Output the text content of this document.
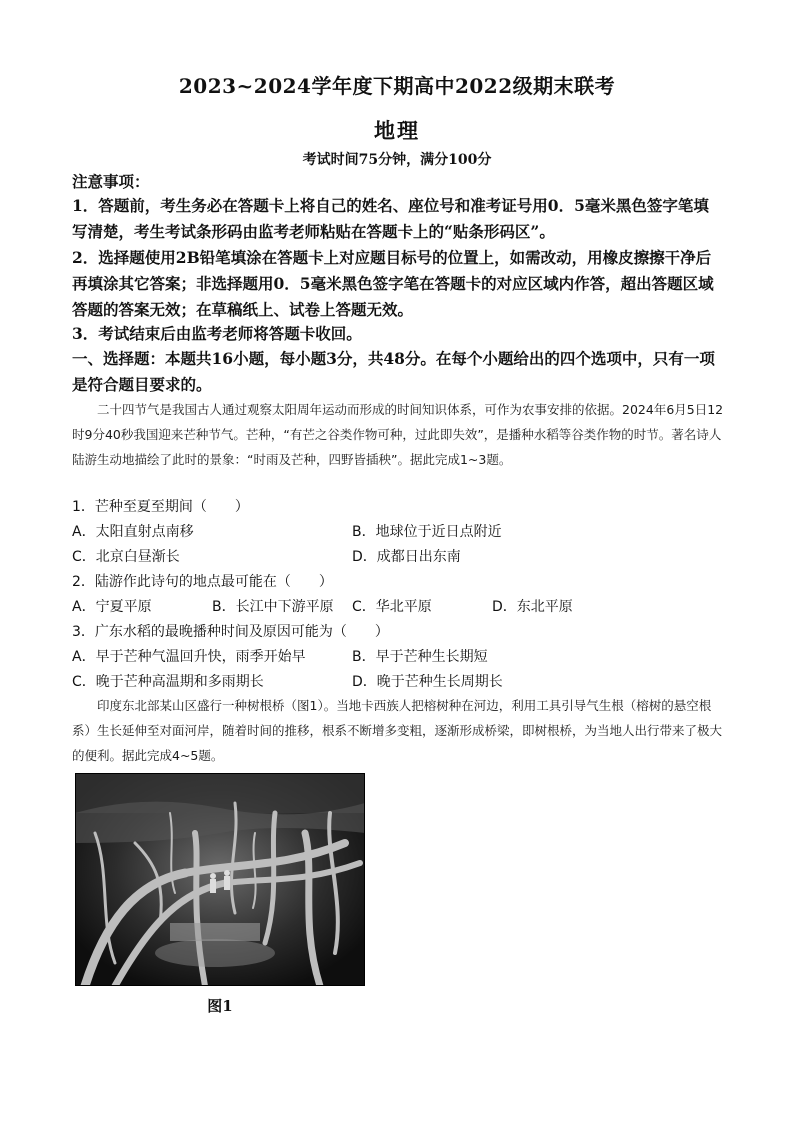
2023~2024学年度下期高中2022级期末联考
地理
考试时间75分钟，满分100分
注意事项：
1．答题前，考生务必在答题卡上将自己的姓名、座位号和准考证号用0．5毫米黑色签字笔填写清楚，考生考试条形码由监考老师粘贴在答题卡上的“贴条形码区”。
2．选择题使用2B铅笔填涂在答题卡上对应题目标号的位置上，如需改动，用橡皮擦擦干净后再填涂其它答案；非选择题用0．5毫米黑色签字笔在答题卡的对应区域内作答，超出答题区域答题的答案无效；在草稿纸上、试卷上答题无效。
3．考试结束后由监考老师将答题卡收回。
一、选择题：本题共16小题，每小题3分，共48分。在每个小题给出的四个选项中，只有一项是符合题目要求的。
二十四节气是我国古人通过观察太阳周年运动而形成的时间知识体系，可作为农事安排的依据。2024年6月5日12时9分40秒我国迎来芒种节气。芒种，“有芒之谷类作物可种，过此即失效”，是播种水稻等谷类作物的时节。著名诗人陆游生动地描绘了此时的景象：“时雨及芒种，四野皆插秧”。据此完成1~3题。
1．芒种至夏至期间（　　）
A．太阳直射点南移	B．地球位于近日点附近
C．北京白昼渐长	D．成都日出东南
2．陆游作此诗句的地点最可能在（　　）
A．宁夏平原	B．长江中下游平原 C．华北平原	D．东北平原
3．广东水稻的最晚播种时间及原因可能为（　　）
A．早于芒种气温回升快，雨季开始早	B．早于芒种生长期短
C．晚于芒种高温期和多雨期长	D．晚于芒种生长周期长
印度东北部某山区盛行一种树根桥（图1）。当地卡西族人把榕树种在河边，利用工具引导气生根（榕树的悬空根系）生长延伸至对面河岸，随着时间的推移，根系不断增多变粗，逐渐形成桥梁，即树根桥，为当地人出行带来了极大的便利。据此完成4~5题。
图1
